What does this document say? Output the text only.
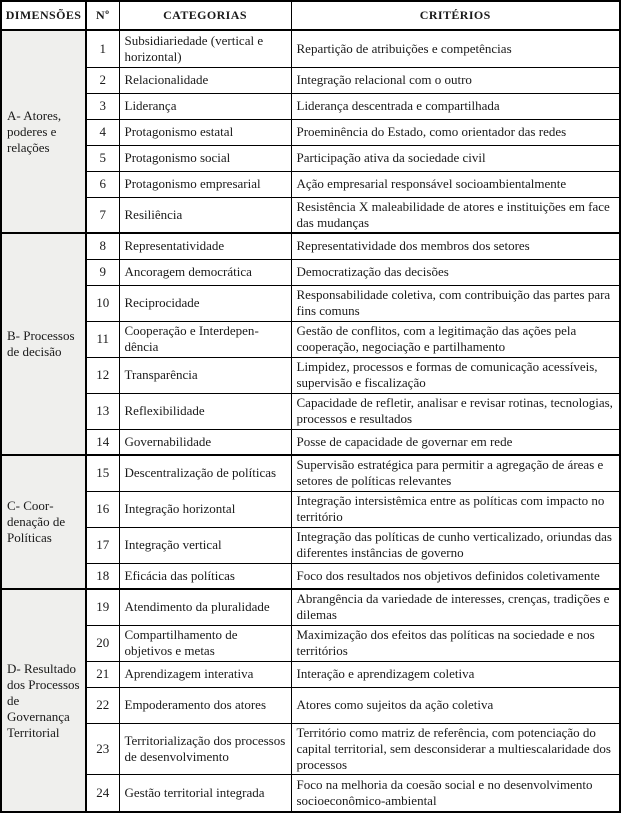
DIMENSÕES	Nº	CATEGORIAS	CRITÉRIOS
A- Atores, poderes e relações	1	Subsidiariedade (vertical e horizontal)	Repartição de atribuições e competências
	2	Relacionalidade	Integração relacional com o outro
	3	Liderança	Liderança descentrada e compartilhada
	4	Protagonismo estatal	Proeminência do Estado, como orientador das redes
	5	Protagonismo social	Participação ativa da sociedade civil
	6	Protagonismo empresarial	Ação empresarial responsável socioambientalmente
	7	Resiliência	Resistência X maleabilidade de atores e instituições em face das mudanças
B- Processos de decisão	8	Representatividade	Representatividade dos membros dos setores
	9	Ancoragem democrática	Democratização das decisões
	10	Reciprocidade	Responsabilidade coletiva, com contribuição das partes para fins comuns
	11	Cooperação e Interdependência	Gestão de conflitos, com a legitimação das ações pela cooperação, negociação e partilhamento
	12	Transparência	Limpidez, processos e formas de comunicação acessíveis, supervisão e fiscalização
	13	Reflexibilidade	Capacidade de refletir, analisar e revisar rotinas, tecnologias, processos e resultados
	14	Governabilidade	Posse de capacidade de governar em rede
C- Coordenação de Políticas	15	Descentralização de políticas	Supervisão estratégica para permitir a agregação de áreas e setores de políticas relevantes
	16	Integração horizontal	Integração intersistêmica entre as políticas com impacto no território
	17	Integração vertical	Integração das políticas de cunho verticalizado, oriundas das diferentes instâncias de governo
	18	Eficácia das políticas	Foco dos resultados nos objetivos definidos coletivamente
D- Resultado dos Processos de Governança Territorial	19	Atendimento da pluralidade	Abrangência da variedade de interesses, crenças, tradições e dilemas
	20	Compartilhamento de objetivos e metas	Maximização dos efeitos das políticas na sociedade e nos territórios
	21	Aprendizagem interativa	Interação e aprendizagem coletiva
	22	Empoderamento dos atores	Atores como sujeitos da ação coletiva
	23	Territorialização dos processos de desenvolvimento	Território como matriz de referência, com potenciação do capital territorial, sem desconsiderar a multiescalaridade dos processos
	24	Gestão territorial integrada	Foco na melhoria da coesão social e no desenvolvimento socioeconômico-ambiental
